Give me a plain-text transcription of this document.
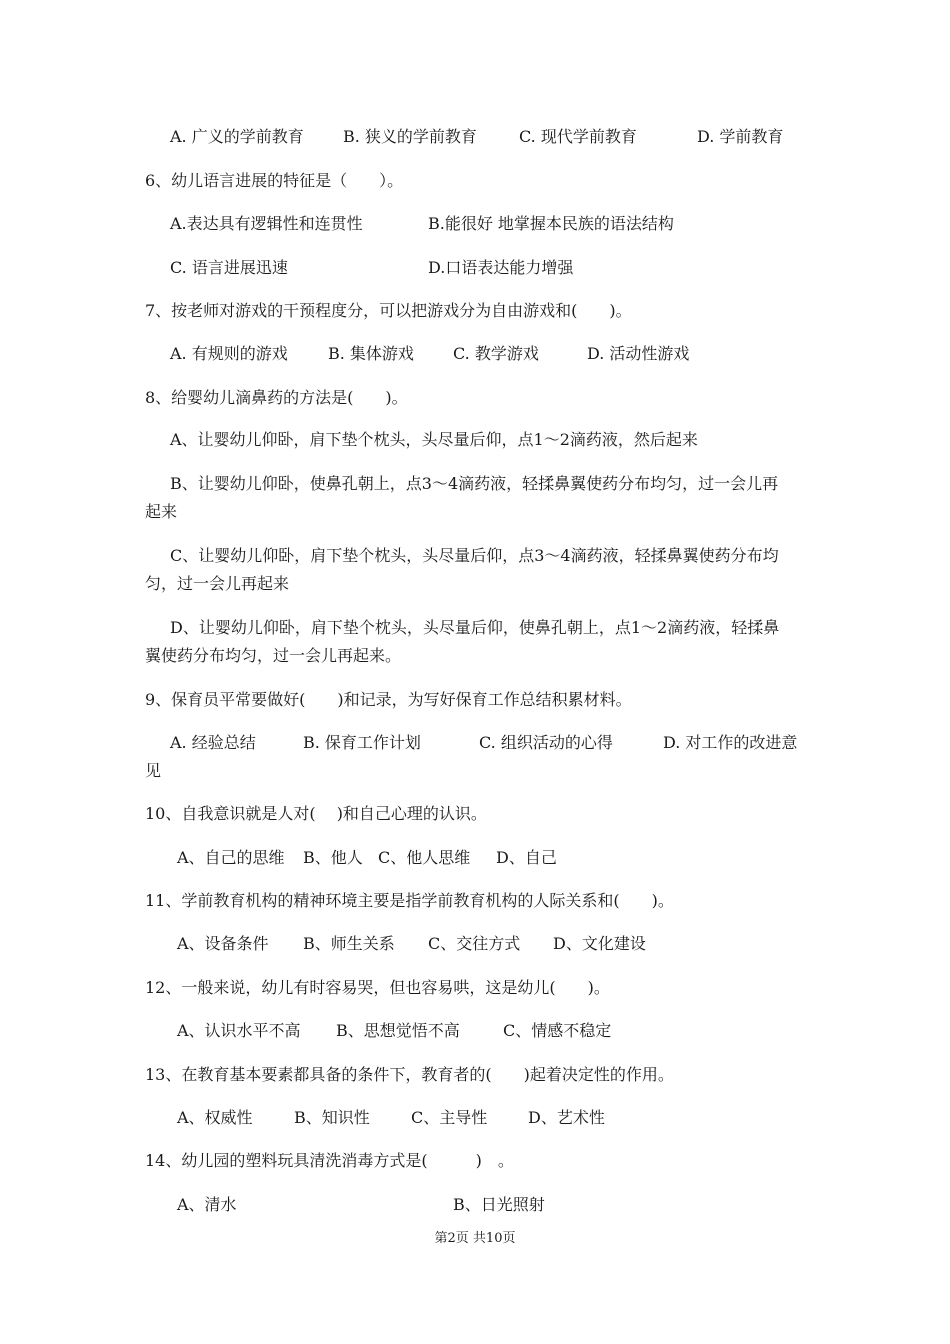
A. 广义的学前教育

B. 狭义的学前教育

	C. 现代学前教育

	D. 学前教育

6、幼儿语言进展的特征是（　　）。

A.表达具有逻辑性和连贯性

	B.能很好 地掌握本民族的语法结构

C. 语言进展迅速

	D.口语表达能力增强

7、按老师对游戏的干预程度分，可以把游戏分为自由游戏和(　　)。

A. 有规则的游戏

	B. 集体游戏

C. 教学游戏

	D. 活动性游戏

8、给婴幼儿滴鼻药的方法是(　　)。
A、让婴幼儿仰卧，肩下垫个枕头，头尽量后仰，点1～2滴药液，然后起来
B、让婴幼儿仰卧，使鼻孔朝上，点3～4滴药液，轻揉鼻翼使药分布均匀，过一会儿再
起来
C、让婴幼儿仰卧，肩下垫个枕头，头尽量后仰，点3～4滴药液，轻揉鼻翼使药分布均
匀，过一会儿再起来
D、让婴幼儿仰卧，肩下垫个枕头，头尽量后仰，使鼻孔朝上，点1～2滴药液，轻揉鼻
翼使药分布均匀，过一会儿再起来。
9、保育员平常要做好(　　)和记录，为写好保育工作总结积累材料。

A. 经验总结

	B. 保育工作计划

	C. 组织活动的心得

	D. 对工作的改进意

见
10、自我意识就是人对(　 )和自己心理的认识。

A、自己的思维

B、他人

C、他人思维

D、自己

11、学前教育机构的精神环境主要是指学前教育机构的人际关系和(　　)。

A、设备条件

B、师生关系

C、交往方式

D、文化建设

12、一般来说，幼儿有时容易哭，但也容易哄，这是幼儿(　　)。

A、认识水平不高

B、思想觉悟不高

	C、情感不稳定

13、在教育基本要素都具备的条件下，教育者的(　　)起着决定性的作用。

A、权威性

	B、知识性

	C、主导性

	D、艺术性

14、幼儿园的塑料玩具清洗消毒方式是(　　　)　。

A、清水

	B、日光照射

第2页 共10页
